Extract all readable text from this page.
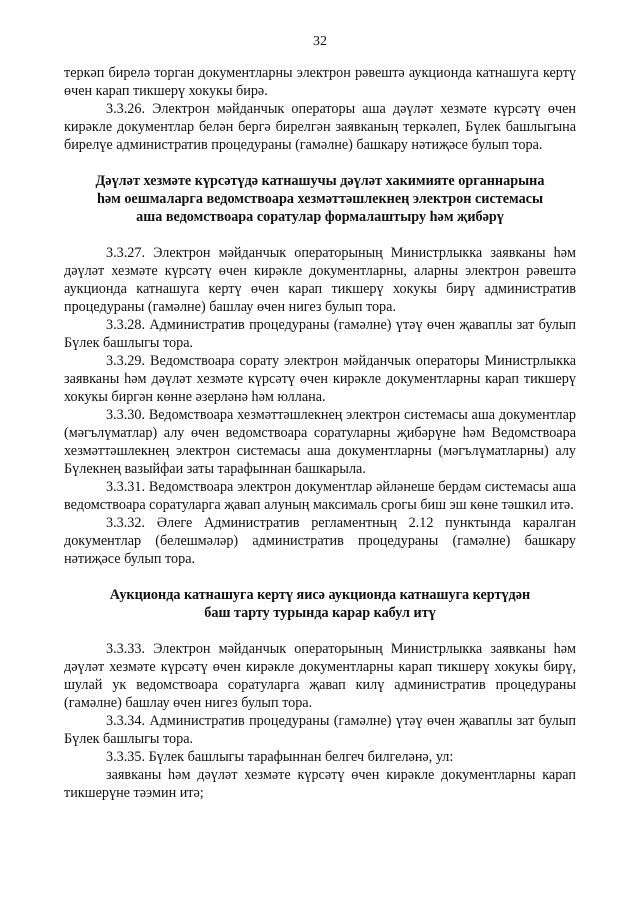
32

теркәп бирелә торган документларны электрон рәвештә аукционда катнашуга кертү өчен карап тикшерү хокукы бирә.

3.3.26. Электрон мәйданчык операторы аша дәүләт хезмәте күрсәтү өчен кирәкле документлар белән бергә бирелгән заявканың теркәлеп, Бүлек башлыгына бирелүе административ процедураны (гамәлне) башкару нәтиҗәсе булып тора.

Дәүләт хезмәте күрсәтүдә катнашучы дәүләт хакимияте органнарына
һәм оешмаларга ведомствоара хезмәттәшлекнең электрон системасы
аша ведомствоара соратулар формалаштыру һәм җибәрү

3.3.27. Электрон мәйданчык операторының Министрлыкка заявканы һәм дәүләт хезмәте күрсәтү өчен кирәкле документларны, аларны электрон рәвештә аукционда катнашуга кертү өчен карап тикшерү хокукы бирү административ процедураны (гамәлне) башлау өчен нигез булып тора.

3.3.28. Административ процедураны (гамәлне) үтәү өчен җаваплы зат булып Бүлек башлыгы тора.

3.3.29. Ведомствоара сорату электрон мәйданчык операторы Министрлыкка заявканы һәм дәүләт хезмәте күрсәтү өчен кирәкле документларны карап тикшерү хокукы биргән көнне әзерләнә һәм юллана.

3.3.30. Ведомствоара хезмәттәшлекнең электрон системасы аша документлар (мәгълүматлар) алу өчен ведомствоара соратуларны җибәрүне һәм Ведомствоара хезмәттәшлекнең электрон системасы аша документларны (мәгълүматларны) алу Бүлекнең вазыйфаи заты тарафыннан башкарыла.

3.3.31. Ведомствоара электрон документлар әйләнеше бердәм системасы аша ведомствоара соратуларга җавап алуның максималь срогы биш эш көне тәшкил итә.

3.3.32. Әлеге Административ регламентның 2.12 пунктында каралган документлар (белешмәләр) административ процедураны (гамәлне) башкару нәтиҗәсе булып тора.

Аукционда катнашуга кертү яисә аукционда катнашуга кертүдән
баш тарту турында карар кабул итү

3.3.33. Электрон мәйданчык операторының Министрлыкка заявканы һәм дәүләт хезмәте күрсәтү өчен кирәкле документларны карап тикшерү хокукы бирү, шулай ук ведомствоара соратуларга җавап килү административ процедураны (гамәлне) башлау өчен нигез булып тора.

3.3.34. Административ процедураны (гамәлне) үтәү өчен җаваплы зат булып Бүлек башлыгы тора.

3.3.35. Бүлек башлыгы тарафыннан белгеч билгеләнә, ул:

заявканы һәм дәүләт хезмәте күрсәтү өчен кирәкле документларны карап тикшерүне тәэмин итә;
